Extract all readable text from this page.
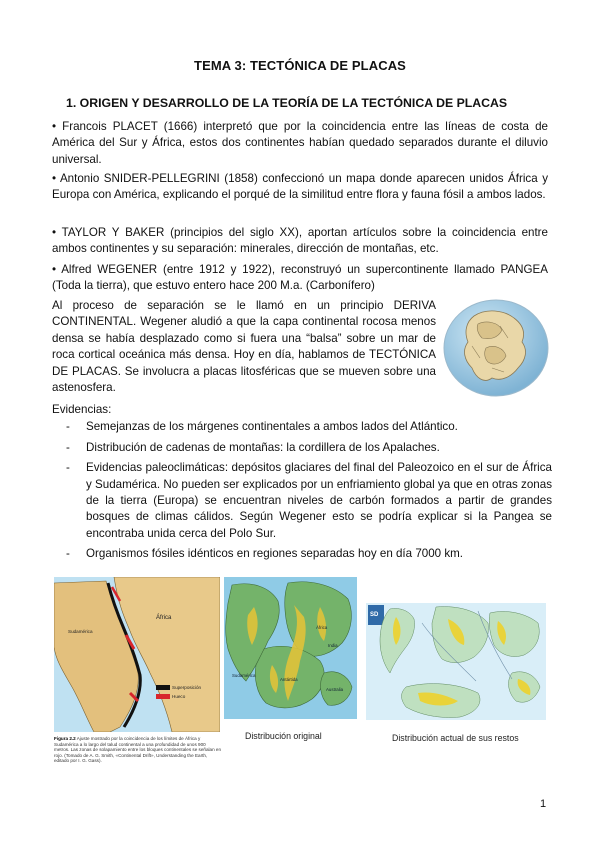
TEMA 3: TECTÓNICA DE PLACAS
1. ORIGEN Y DESARROLLO DE LA TEORÍA DE LA TECTÓNICA DE PLACAS

• Francois PLACET (1666) interpretó que por la coincidencia entre las líneas de costa de América del Sur y África, estos dos continentes habían quedado separados durante el diluvio universal.

• Antonio SNIDER-PELLEGRINI (1858) confeccionó un mapa donde aparecen unidos África y Europa con América, explicando el porqué de la similitud entre flora y fauna fósil a ambos lados.

• TAYLOR Y BAKER (principios del siglo XX), aportan artículos sobre la coincidencia entre ambos continentes y su separación: minerales, dirección de montañas, etc.

• Alfred WEGENER (entre 1912 y 1922), reconstruyó un supercontinente llamado PANGEA (Toda la tierra), que estuvo entero hace 200 M.a. (Carbonífero)

Al proceso de separación se le llamó en un principio DERIVA CONTINENTAL. Wegener aludió a que la capa continental rocosa menos densa se había desplazado como si fuera una “balsa” sobre un mar de roca cortical oceánica más densa. Hoy en día, hablamos de TECTÓNICA DE PLACAS. Se involucra a placas litosféricas que se mueven sobre una astenosfera.

Evidencias:
- Semejanzas de los márgenes continentales a ambos lados del Atlántico.
- Distribución de cadenas de montañas: la cordillera de los Apalaches.
- Evidencias paleoclimáticas: depósitos glaciares del final del Paleozoico en el sur de África y Sudamérica. No pueden ser explicados por un enfriamiento global ya que en otras zonas de la tierra (Europa) se encuentran niveles de carbón formados a partir de grandes bosques de climas cálidos. Según Wegener esto se podría explicar si la Pangea se encontraba unida cerca del Polo Sur.
- Organismos fósiles idénticos en regiones separadas hoy en día 7000 km.
África
Sudamérica
Superposición
Hueco
Figura 2.2 Ajuste mostrado por la coincidencia de los límites de África y Sudamérica a lo largo del talud continental a una profundidad de unos 900 metros. Las zonas de solapamiento entre los bloques continentales se señalan en rojo. (Tomado de A. G. Smith, «Continental Drift», Understanding the Earth, editado por I. G. Gass).
Sudamérica
África
India
Antártida
Australia
Distribución original
SD
Distribución actual de sus restos
1
